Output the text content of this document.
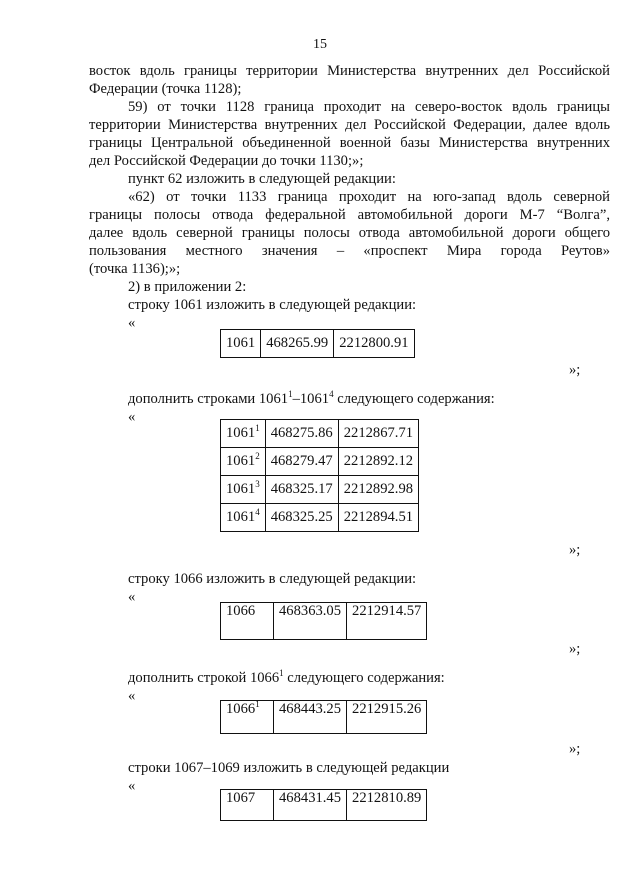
15
восток вдоль границы территории Министерства внутренних дел Российской
Федерации (точка 1128);
59) от точки 1128 граница проходит на северо-восток вдоль границы
территории Министерства внутренних дел Российской Федерации, далее вдоль
границы Центральной объединенной военной базы Министерства внутренних
дел Российской Федерации до точки 1130;»;
пункт 62 изложить в следующей редакции:
«62) от точки 1133 граница проходит на юго-запад вдоль северной
границы полосы отвода федеральной автомобильной дороги М-7 “Волга”,
далее вдоль северной границы полосы отвода автомобильной дороги общего
пользования местного значения – «проспект Мира города Реутов»
(точка 1136);»;
2) в приложении 2:
строку 1061 изложить в следующей редакции:
«
1061	468265.99	2212800.91
»;
дополнить строками 1061$^1$–1061$^4$ следующего содержания:
«
1061$^1$	468275.86	2212867.71
1061$^2$	468279.47	2212892.12
1061$^3$	468325.17	2212892.98
1061$^4$	468325.25	2212894.51
»;
строку 1066 изложить в следующей редакции:
«
1066	468363.05	2212914.57
»;
дополнить строкой 1066$^1$ следующего содержания:
«
1066$^1$	468443.25	2212915.26
»;
строки 1067–1069 изложить в следующей редакции
«
1067	468431.45	2212810.89
